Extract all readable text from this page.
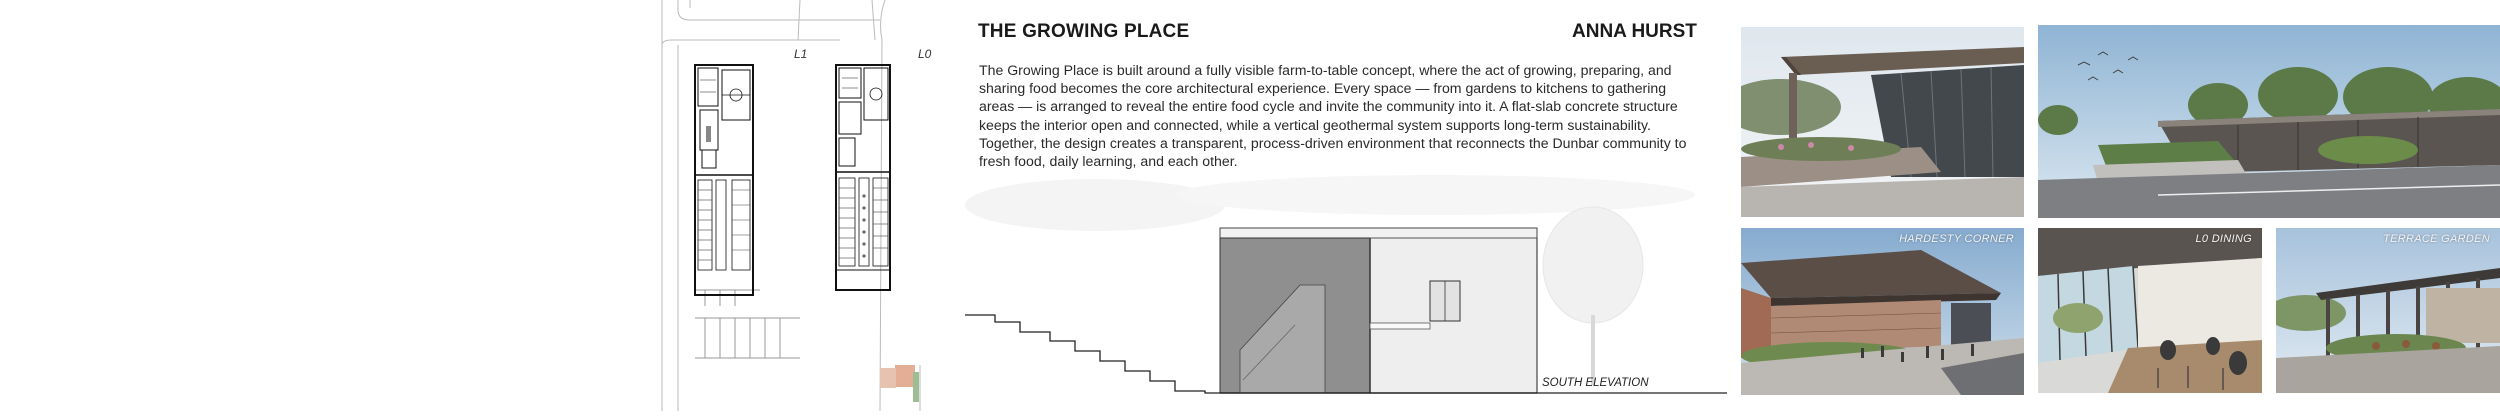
L1	L0
THE GROWING PLACE	ANNA HURST
The Growing Place is built around a fully visible farm-to-table concept, where the act of growing, preparing, and sharing food becomes the core architectural experience. Every space — from gardens to kitchens to gathering areas — is arranged to reveal the entire food cycle and invite the community into it. A flat-slab concrete structure keeps the interior open and connected, while a vertical geothermal system supports long-term sustainability. Together, the design creates a transparent, process-driven environment that reconnects the Dunbar community to fresh food, daily learning, and each other.
SOUTH ELEVATION
HARDESTY CORNER	L0 DINING	TERRACE GARDEN
